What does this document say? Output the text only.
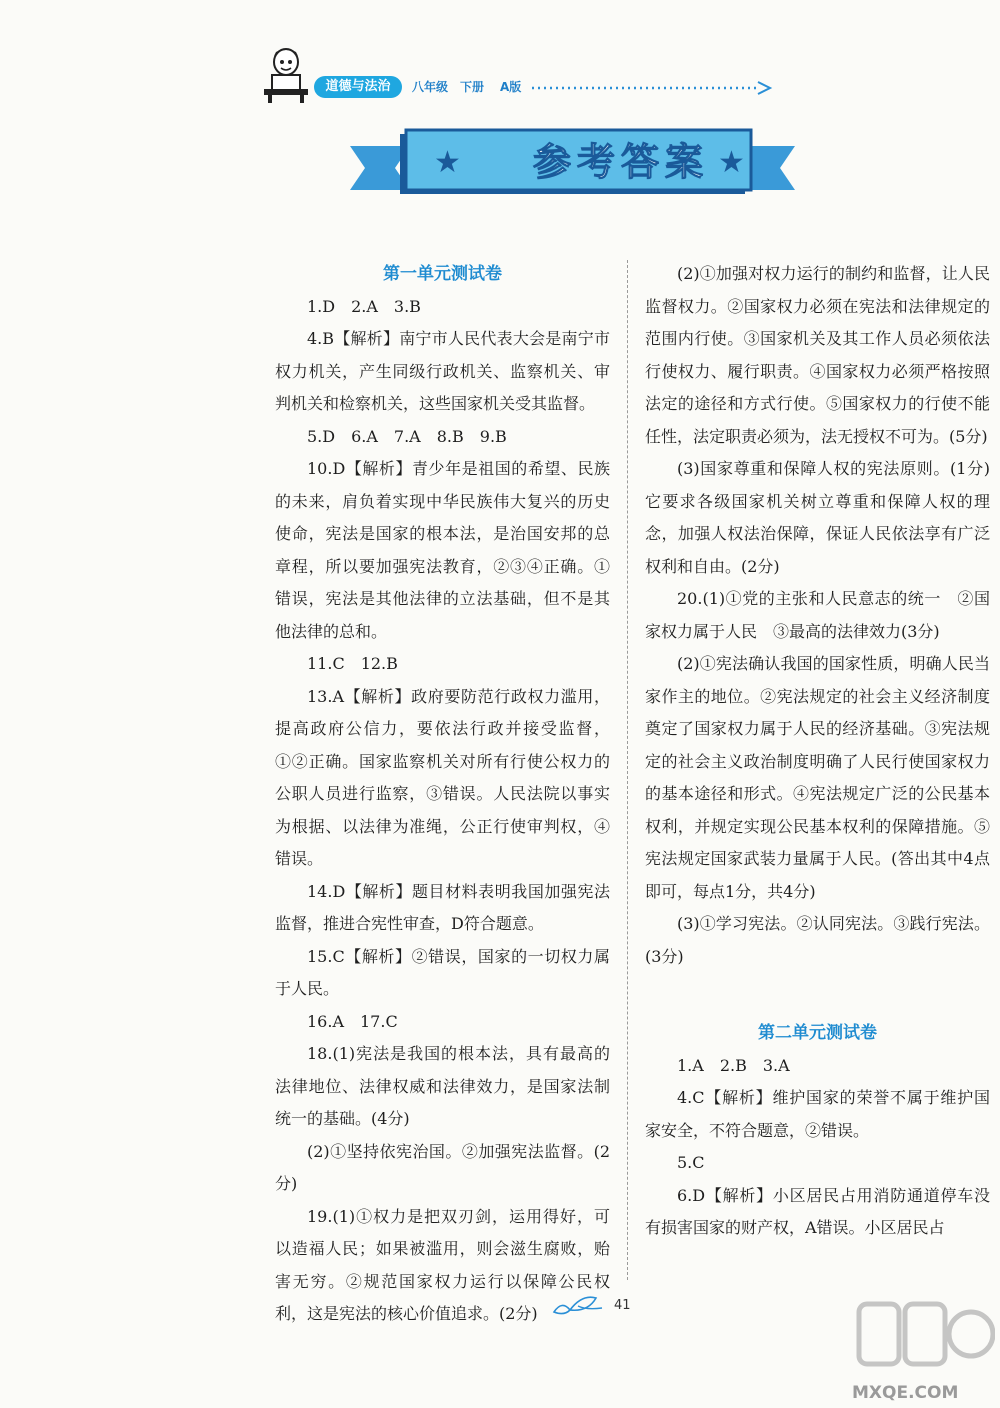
道德与法治	八年级 下册 A版
★	★
参考答案
第一单元测试卷

1.D　2.A　3.B

4.B【解析】南宁市人民代表大会是南宁市权力机关，产生同级行政机关、监察机关、审判机关和检察机关，这些国家机关受其监督。

5.D　6.A　7.A　8.B　9.B

10.D【解析】青少年是祖国的希望、民族的未来，肩负着实现中华民族伟大复兴的历史使命，宪法是国家的根本法，是治国安邦的总章程，所以要加强宪法教育，②③④正确。①错误，宪法是其他法律的立法基础，但不是其他法律的总和。

11.C　12.B

13.A【解析】政府要防范行政权力滥用，提高政府公信力，要依法行政并接受监督，①②正确。国家监察机关对所有行使公权力的公职人员进行监察，③错误。人民法院以事实为根据、以法律为准绳，公正行使审判权，④错误。

14.D【解析】题目材料表明我国加强宪法监督，推进合宪性审查，D符合题意。

15.C【解析】②错误，国家的一切权力属于人民。

16.A　17.C

18.(1)宪法是我国的根本法，具有最高的法律地位、法律权威和法律效力，是国家法制统一的基础。(4分)

(2)①坚持依宪治国。②加强宪法监督。(2分)

19.(1)①权力是把双刃剑，运用得好，可以造福人民；如果被滥用，则会滋生腐败，贻害无穷。②规范国家权力运行以保障公民权利，这是宪法的核心价值追求。(2分)

(2)①加强对权力运行的制约和监督，让人民监督权力。②国家权力必须在宪法和法律规定的范围内行使。③国家机关及其工作人员必须依法行使权力、履行职责。④国家权力必须严格按照法定的途径和方式行使。⑤国家权力的行使不能任性，法定职责必须为，法无授权不可为。(5分)

(3)国家尊重和保障人权的宪法原则。(1分)它要求各级国家机关树立尊重和保障人权的理念，加强人权法治保障，保证人民依法享有广泛权利和自由。(2分)

20.(1)①党的主张和人民意志的统一　②国家权力属于人民　③最高的法律效力(3分)

(2)①宪法确认我国的国家性质，明确人民当家作主的地位。②宪法规定的社会主义经济制度奠定了国家权力属于人民的经济基础。③宪法规定的社会主义政治制度明确了人民行使国家权力的基本途径和形式。④宪法规定广泛的公民基本权利，并规定实现公民基本权利的保障措施。⑤宪法规定国家武装力量属于人民。(答出其中4点即可，每点1分，共4分)

(3)①学习宪法。②认同宪法。③践行宪法。(3分)

第二单元测试卷

1.A　2.B　3.A

4.C【解析】维护国家的荣誉不属于维护国家安全，不符合题意，②错误。

5.C

6.D【解析】小区居民占用消防通道停车没有损害国家的财产权，A错误。小区居民占

41
MXQE.COM
